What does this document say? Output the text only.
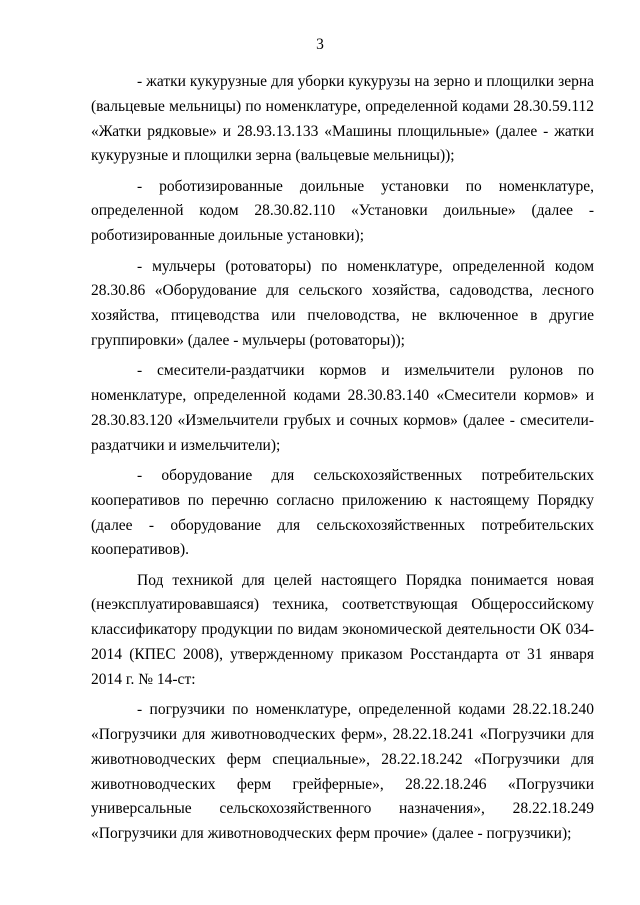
3

- жатки кукурузные для уборки кукурузы на зерно и площилки зерна (вальцевые мельницы) по номенклатуре, определенной кодами 28.30.59.112 «Жатки рядковые» и 28.93.13.133 «Машины площильные» (далее - жатки кукурузные и площилки зерна (вальцевые мельницы));

- роботизированные доильные установки по номенклатуре, определенной кодом 28.30.82.110 «Установки доильные» (далее - роботизированные доильные установки);

- мульчеры (ротоваторы) по номенклатуре, определенной кодом 28.30.86 «Оборудование для сельского хозяйства, садоводства, лесного хозяйства, птицеводства или пчеловодства, не включенное в другие группировки» (далее - мульчеры (ротоваторы));

- смесители-раздатчики кормов и измельчители рулонов по номенклатуре, определенной кодами 28.30.83.140 «Смесители кормов» и 28.30.83.120 «Измельчители грубых и сочных кормов» (далее - смесители-раздатчики и измельчители);

- оборудование для сельскохозяйственных потребительских кооперативов по перечню согласно приложению к настоящему Порядку (далее - оборудование для сельскохозяйственных потребительских кооперативов).

Под техникой для целей настоящего Порядка понимается новая (неэксплуатировавшаяся) техника, соответствующая Общероссийскому классификатору продукции по видам экономической деятельности ОК 034-2014 (КПЕС 2008), утвержденному приказом Росстандарта от 31 января 2014 г. № 14-ст:

- погрузчики по номенклатуре, определенной кодами 28.22.18.240 «Погрузчики для животноводческих ферм», 28.22.18.241 «Погрузчики для животноводческих ферм специальные», 28.22.18.242 «Погрузчики для животноводческих ферм грейферные», 28.22.18.246 «Погрузчики универсальные сельскохозяйственного назначения», 28.22.18.249 «Погрузчики для животноводческих ферм прочие» (далее - погрузчики);
